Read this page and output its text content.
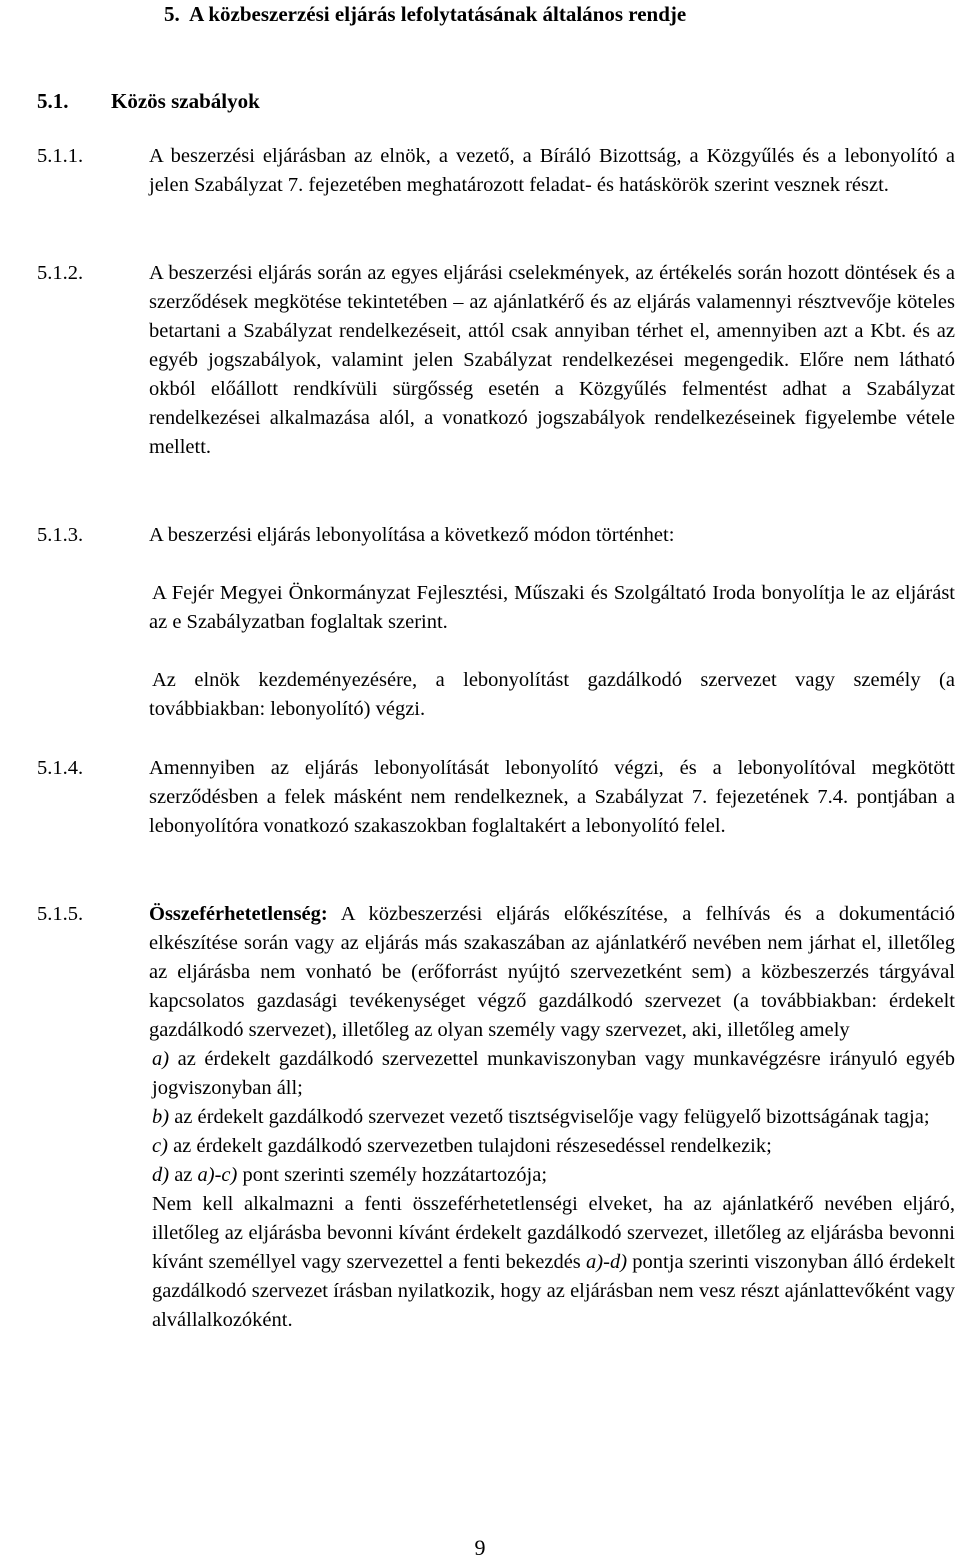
5.  A közbeszerzési eljárás lefolytatásának általános rendje
5.1. Közös szabályok
5.1.1.	A beszerzési eljárásban az elnök, a vezető, a Bíráló Bizottság, a Közgyűlés és a lebonyolító a jelen Szabályzat 7. fejezetében meghatározott feladat- és hatáskörök szerint vesznek részt.
5.1.2.	A beszerzési eljárás során az egyes eljárási cselekmények, az értékelés során hozott döntések és a szerződések megkötése tekintetében – az ajánlatkérő és az eljárás valamennyi résztvevője köteles betartani a Szabályzat rendelkezéseit, attól csak annyiban térhet el, amennyiben azt a Kbt. és az egyéb jogszabályok, valamint jelen Szabályzat rendelkezései megengedik. Előre nem látható okból előállott rendkívüli sürgősség esetén a Közgyűlés felmentést adhat a Szabályzat rendelkezései alkalmazása alól, a vonatkozó jogszabályok rendelkezéseinek figyelembe vétele mellett.
5.1.3.	A beszerzési eljárás lebonyolítása a következő módon történhet:
A Fejér Megyei Önkormányzat Fejlesztési, Műszaki és Szolgáltató Iroda bonyolítja le az eljárást az e Szabályzatban foglaltak szerint.
Az elnök kezdeményezésére, a lebonyolítást gazdálkodó szervezet vagy személy (a továbbiakban: lebonyolító) végzi.
5.1.4.	Amennyiben az eljárás lebonyolítását lebonyolító végzi, és a lebonyolítóval megkötött szerződésben a felek másként nem rendelkeznek, a Szabályzat 7. fejezetének 7.4. pontjában a lebonyolítóra vonatkozó szakaszokban foglaltakért a lebonyolító felel.
5.1.5.	Összeférhetetlenség: A közbeszerzési eljárás előkészítése, a felhívás és a dokumentáció elkészítése során vagy az eljárás más szakaszában az ajánlatkérő nevében nem járhat el, illetőleg az eljárásba nem vonható be (erőforrást nyújtó szervezetként sem) a közbeszerzés tárgyával kapcsolatos gazdasági tevékenységet végző gazdálkodó szervezet (a továbbiakban: érdekelt gazdálkodó szervezet), illetőleg az olyan személy vagy szervezet, aki, illetőleg amely
a) az érdekelt gazdálkodó szervezettel munkaviszonyban vagy munkavégzésre irányuló egyéb jogviszonyban áll;
b) az érdekelt gazdálkodó szervezet vezető tisztségviselője vagy felügyelő bizottságának tagja;
c) az érdekelt gazdálkodó szervezetben tulajdoni részesedéssel rendelkezik;
d) az a)-c) pont szerinti személy hozzátartozója;
Nem kell alkalmazni a fenti összeférhetetlenségi elveket, ha az ajánlatkérő nevében eljáró, illetőleg az eljárásba bevonni kívánt érdekelt gazdálkodó szervezet, illetőleg az eljárásba bevonni kívánt személlyel vagy szervezettel a fenti bekezdés a)-d) pontja szerinti viszonyban álló érdekelt gazdálkodó szervezet írásban nyilatkozik, hogy az eljárásban nem vesz részt ajánlattevőként vagy alvállalkozóként.
9
